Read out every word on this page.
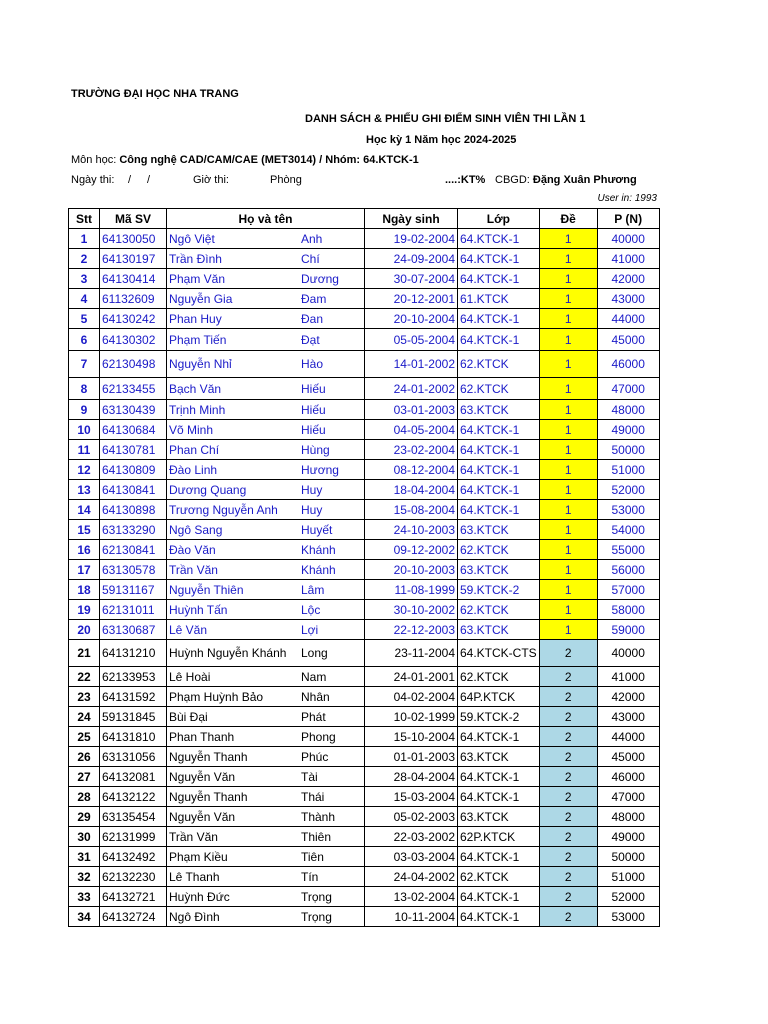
TRƯỜNG ĐẠI HỌC NHA TRANG
DANH SÁCH & PHIẾU GHI ĐIỂM SINH VIÊN THI LẦN 1
Học kỳ 1 Năm học 2024-2025
Môn học: Công nghệ CAD/CAM/CAE (MET3014) / Nhóm: 64.KTCK-1
Ngày thi: / /	Giờ thi:	Phòng	....:KT% CBGD: Đặng Xuân Phương
User in: 1993
Stt	Mã SV	Họ và tên	Ngày sinh	Lớp	Đề	P (N)
1	64130050	Ngô Việt Anh	19-02-2004	64.KTCK-1	1	40000
2	64130197	Trần Đình Chí	24-09-2004	64.KTCK-1	1	41000
3	64130414	Phạm Văn Dương	30-07-2004	64.KTCK-1	1	42000
4	61132609	Nguyễn Gia Đam	20-12-2001	61.KTCK	1	43000
5	64130242	Phan Huy Đan	20-10-2004	64.KTCK-1	1	44000
6	64130302	Phạm Tiến Đạt	05-05-2004	64.KTCK-1	1	45000
7	62130498	Nguyễn Nhỉ Hào	14-01-2002	62.KTCK	1	46000
8	62133455	Bạch Văn Hiếu	24-01-2002	62.KTCK	1	47000
9	63130439	Trịnh Minh Hiếu	03-01-2003	63.KTCK	1	48000
10	64130684	Võ Minh Hiếu	04-05-2004	64.KTCK-1	1	49000
11	64130781	Phan Chí Hùng	23-02-2004	64.KTCK-1	1	50000
12	64130809	Đào Linh Hương	08-12-2004	64.KTCK-1	1	51000
13	64130841	Dương Quang Huy	18-04-2004	64.KTCK-1	1	52000
14	64130898	Trương Nguyễn Anh Huy	15-08-2004	64.KTCK-1	1	53000
15	63133290	Ngô Sang Huyết	24-10-2003	63.KTCK	1	54000
16	62130841	Đào Văn Khánh	09-12-2002	62.KTCK	1	55000
17	63130578	Trần Văn Khánh	20-10-2003	63.KTCK	1	56000
18	59131167	Nguyễn Thiên Lâm	11-08-1999	59.KTCK-2	1	57000
19	62131011	Huỳnh Tấn Lộc	30-10-2002	62.KTCK	1	58000
20	63130687	Lê Văn Lợi	22-12-2003	63.KTCK	1	59000
21	64131210	Huỳnh Nguyễn Khánh Long	23-11-2004	64.KTCK-CTS	2	40000
22	62133953	Lê Hoài Nam	24-01-2001	62.KTCK	2	41000
23	64131592	Phạm Huỳnh Bảo Nhân	04-02-2004	64P.KTCK	2	42000
24	59131845	Bùi Đại Phát	10-02-1999	59.KTCK-2	2	43000
25	64131810	Phan Thanh Phong	15-10-2004	64.KTCK-1	2	44000
26	63131056	Nguyễn Thanh Phúc	01-01-2003	63.KTCK	2	45000
27	64132081	Nguyễn Văn Tài	28-04-2004	64.KTCK-1	2	46000
28	64132122	Nguyễn Thanh Thái	15-03-2004	64.KTCK-1	2	47000
29	63135454	Nguyễn Văn Thành	05-02-2003	63.KTCK	2	48000
30	62131999	Trần Văn Thiên	22-03-2002	62P.KTCK	2	49000
31	64132492	Phạm Kiều Tiên	03-03-2004	64.KTCK-1	2	50000
32	62132230	Lê Thanh Tín	24-04-2002	62.KTCK	2	51000
33	64132721	Huỳnh Đức Trọng	13-02-2004	64.KTCK-1	2	52000
34	64132724	Ngô Đình Trọng	10-11-2004	64.KTCK-1	2	53000
